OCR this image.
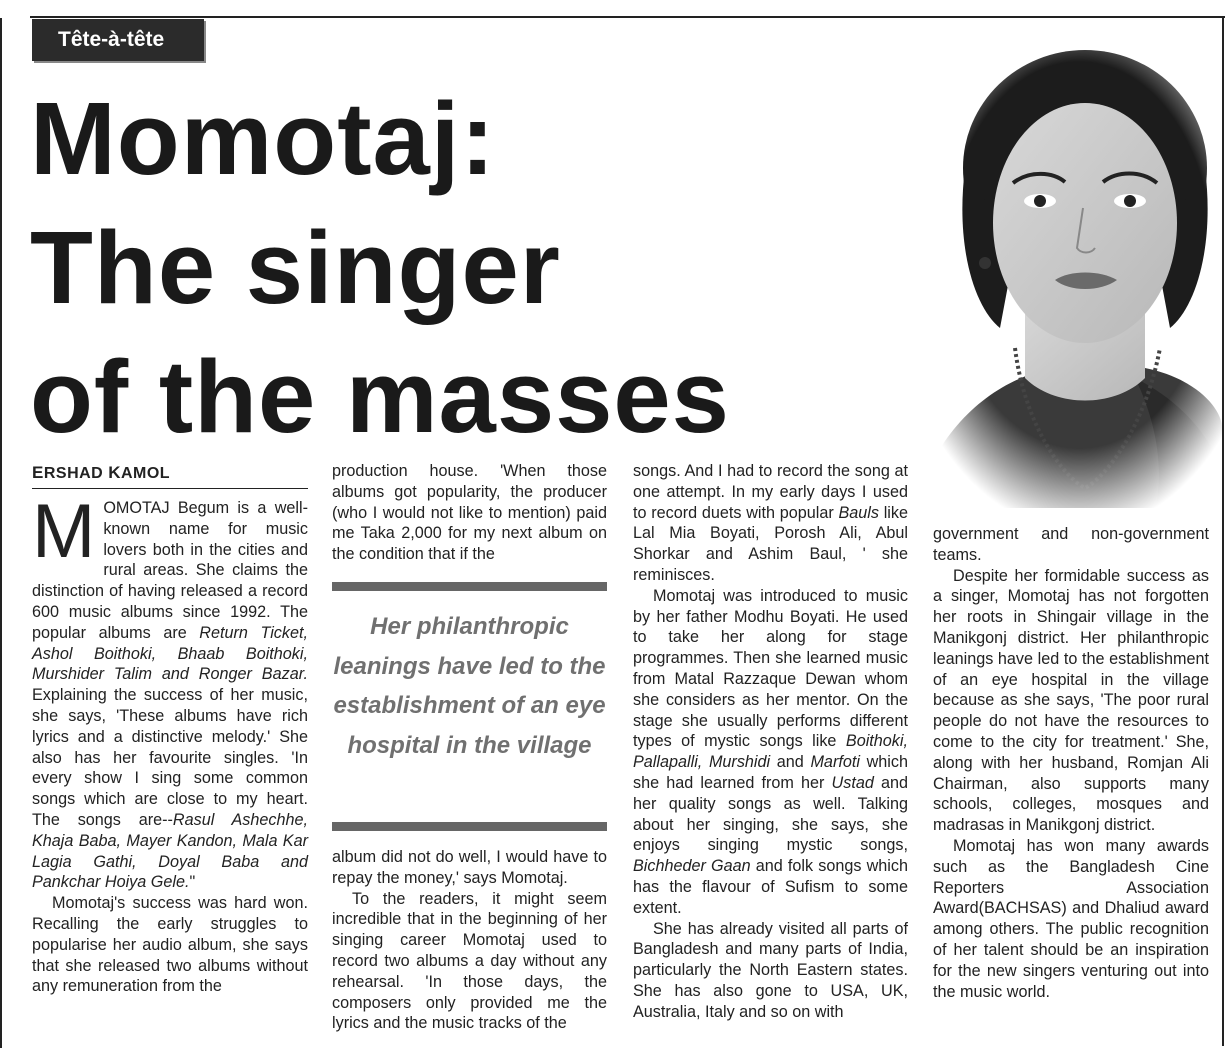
Tête-à-tête
Momotaj:
The singer
of the masses
ERSHAD KAMOL

MOMOTAJ Begum is a well-known name for music lovers both in the cities and rural areas. She claims the distinction of having released a record 600 music albums since 1992. The popular albums are Return Ticket, Ashol Boithoki, Bhaab Boithoki, Murshider Talim and Ronger Bazar. Explaining the success of her music, she says, 'These albums have rich lyrics and a distinctive melody.' She also has her favourite singles. 'In every show I sing some common songs which are close to my heart. The songs are--Rasul Ashechhe, Khaja Baba, Mayer Kandon, Mala Kar Lagia Gathi, Doyal Baba and Pankchar Hoiya Gele."

Momotaj's success was hard won. Recalling the early struggles to popularise her audio album, she says that she released two albums without any remuneration from the

production house. 'When those albums got popularity, the producer (who I would not like to mention) paid me Taka 2,000 for my next album on the condition that if the

Her philanthropic leanings have led to the establishment of an eye hospital in the village

album did not do well, I would have to repay the money,' says Momotaj.

To the readers, it might seem incredible that in the beginning of her singing career Momotaj used to record two albums a day without any rehearsal. 'In those days, the composers only provided me the lyrics and the music tracks of the

songs. And I had to record the song at one attempt. In my early days I used to record duets with popular Bauls like Lal Mia Boyati, Porosh Ali, Abul Shorkar and Ashim Baul, ' she reminisces.

Momotaj was introduced to music by her father Modhu Boyati. He used to take her along for stage programmes. Then she learned music from Matal Razzaque Dewan whom she considers as her mentor. On the stage she usually performs different types of mystic songs like Boithoki, Pallapalli, Murshidi and Marfoti which she had learned from her Ustad and her quality songs as well. Talking about her singing, she says, she enjoys singing mystic songs, Bichheder Gaan and folk songs which has the flavour of Sufism to some extent.

She has already visited all parts of Bangladesh and many parts of India, particularly the North Eastern states. She has also gone to USA, UK, Australia, Italy and so on with

government and non-government teams.

Despite her formidable success as a singer, Momotaj has not forgotten her roots in Shingair village in the Manikgonj district. Her philanthropic leanings have led to the establishment of an eye hospital in the village because as she says, 'The poor rural people do not have the resources to come to the city for treatment.' She, along with her husband, Romjan Ali Chairman, also supports many schools, colleges, mosques and madrasas in Manikgonj district.

Momotaj has won many awards such as the Bangladesh Cine Reporters Association Award(BACHSAS) and Dhaliud award among others. The public recognition of her talent should be an inspiration for the new singers venturing out into the music world.
